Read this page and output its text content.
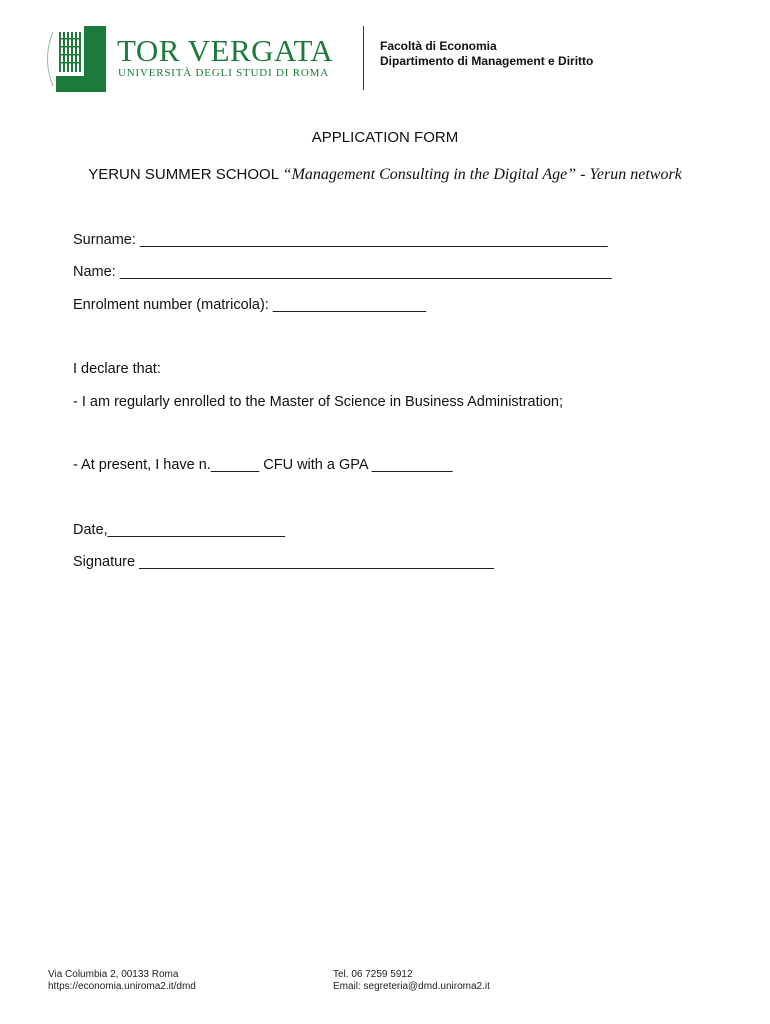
TOR VERGATA
UNIVERSITÀ DEGLI STUDI DI ROMA
Facoltà di Economia
Dipartimento di Management e Diritto
APPLICATION FORM
YERUN SUMMER SCHOOL “Management Consulting in the Digital Age” - Yerun network
Surname: __________________________________________________________
Name: _____________________________________________________________
Enrolment number (matricola): ___________________
I declare that:
- I am regularly enrolled to the Master of Science in Business Administration;
- At present, I have n.______ CFU with a GPA __________
Date,______________________
Signature ____________________________________________
Via Columbia 2, 00133 Roma
https://economia.uniroma2.it/dmd
Tel. 06 7259 5912
Email: segreteria@dmd.uniroma2.it
